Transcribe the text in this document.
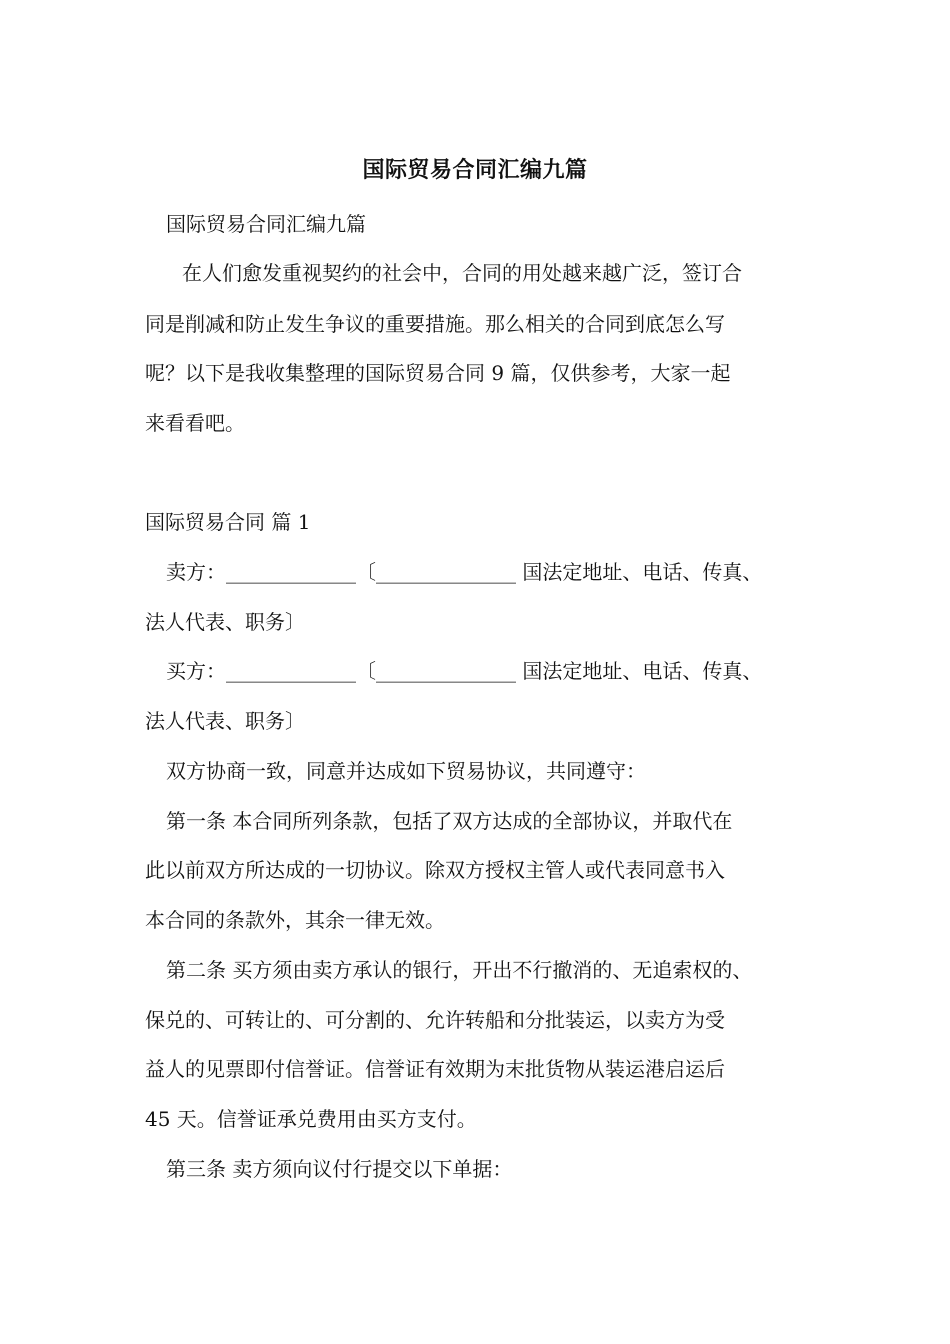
国际贸易合同汇编九篇
国际贸易合同汇编九篇
在人们愈发重视契约的社会中，合同的用处越来越广泛，签订合
同是削减和防止发生争议的重要措施。那么相关的合同到底怎么写
呢？以下是我收集整理的国际贸易合同 9 篇，仅供参考，大家一起
来看看吧。
国际贸易合同 篇 1
卖方：_____________〔______________ 国法定地址、电话、传真、
法人代表、职务〕
买方：_____________〔______________ 国法定地址、电话、传真、
法人代表、职务〕
双方协商一致，同意并达成如下贸易协议，共同遵守：
第一条 本合同所列条款，包括了双方达成的全部协议，并取代在
此以前双方所达成的一切协议。除双方授权主管人或代表同意书入
本合同的条款外，其余一律无效。
第二条 买方须由卖方承认的银行，开出不行撤消的、无追索权的、
保兑的、可转让的、可分割的、允许转船和分批装运，以卖方为受
益人的见票即付信誉证。信誉证有效期为末批货物从装运港启运后
45 天。信誉证承兑费用由买方支付。
第三条 卖方须向议付行提交以下单据：
